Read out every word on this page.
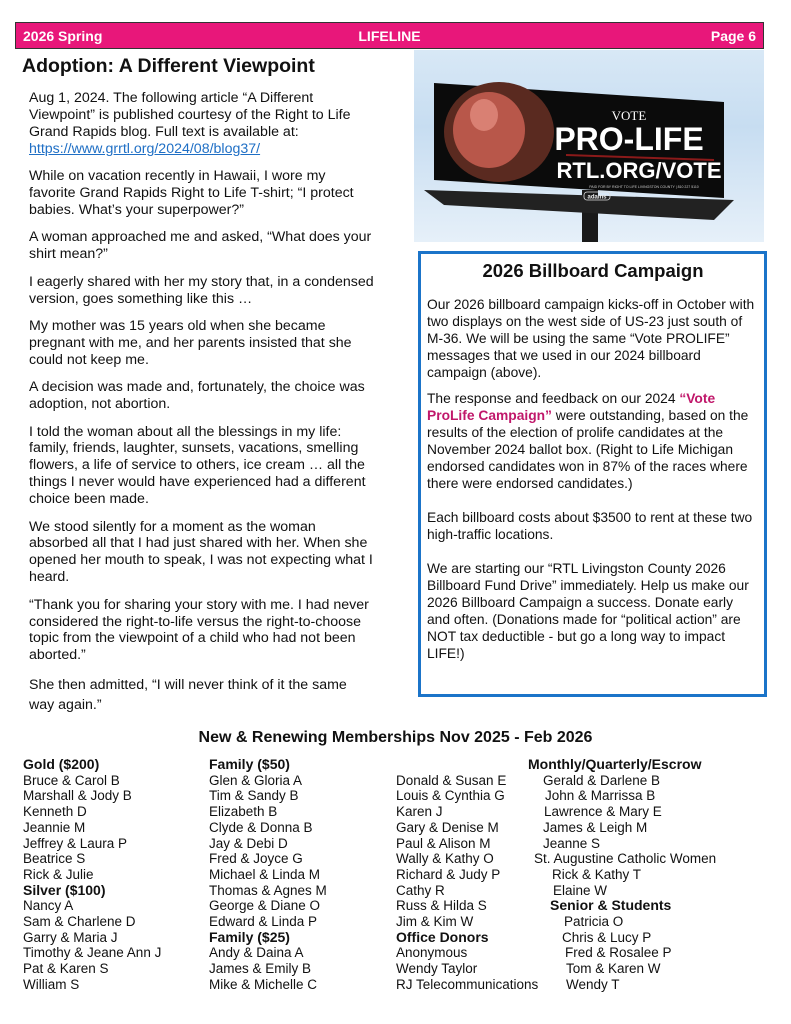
2026 Spring	LIFELINE	Page 6
Adoption: A Different Viewpoint

Aug 1, 2024. The following article “A Different Viewpoint” is published courtesy of the Right to Life Grand Rapids blog. Full text is available at:
https://www.grrtl.org/2024/08/blog37/

While on vacation recently in Hawaii, I wore my favorite Grand Rapids Right to Life T-shirt; “I protect babies. What’s your superpower?”

A woman approached me and asked, “What does your shirt mean?”

I eagerly shared with her my story that, in a condensed version, goes something like this …

My mother was 15 years old when she became pregnant with me, and her parents insisted that she could not keep me.

A decision was made and, fortunately, the choice was adoption, not abortion.

I told the woman about all the blessings in my life: family, friends, laughter, sunsets, vacations, smelling flowers, a life of service to others, ice cream … all the things I never would have experienced had a different choice been made.

We stood silently for a moment as the woman absorbed all that I had just shared with her. When she opened her mouth to speak, I was not expecting what I heard.

“Thank you for sharing your story with me. I had never considered the right-to-life versus the right-to-choose topic from the viewpoint of a child who had not been aborted.”

She then admitted, “I will never think of it the same way again.”

VOTE
PRO-LIFE
RTL.ORG/VOTE
PAID FOR BY RIGHT TO LIFE LIVINGSTON COUNTY | 810 227 5110
adams
2026 Billboard Campaign

Our 2026 billboard campaign kicks-off in October with two displays on the west side of US-23 just south of M-36. We will be using the same “Vote PROLIFE” messages that we used in our 2024 billboard campaign (above).

The response and feedback on our 2024 “Vote ProLife Campaign” were outstanding, based on the results of the election of prolife candidates at the November 2024 ballot box. (Right to Life Michigan endorsed candidates won in 87% of the races where there were endorsed candidates.)

Each billboard costs about $3500 to rent at these two high-traffic locations.

We are starting our “RTL Livingston County 2026 Billboard Fund Drive” immediately. Help us make our 2026 Billboard Campaign a success. Donate early and often. (Donations made for “political action” are NOT tax deductible - but go a long way to impact LIFE!)

New & Renewing Memberships Nov 2025 - Feb 2026
Gold ($200)
Bruce & Carol B
Marshall & Jody B
Kenneth D
Jeannie M
Jeffrey & Laura P
Beatrice S
Rick & Julie
Silver ($100)
Nancy A
Sam & Charlene D
Garry & Maria J
Timothy & Jeane Ann J
Pat & Karen S
William S
Family ($50)
Glen & Gloria A
Tim & Sandy B
Elizabeth B
Clyde & Donna B
Jay & Debi D
Fred & Joyce G
Michael & Linda M
Thomas & Agnes M
George & Diane O
Edward & Linda P
Family ($25)
Andy & Daina A
James & Emily B
Mike & Michelle C

Donald & Susan E
Louis & Cynthia G
Karen J
Gary & Denise M
Paul & Alison M
Wally & Kathy O
Richard & Judy P
Cathy R
Russ & Hilda S
Jim & Kim W
Office Donors
Anonymous
Wendy Taylor
RJ Telecommunications
Monthly/Quarterly/Escrow
Gerald & Darlene B
John & Marrissa B
Lawrence & Mary E
James & Leigh M
Jeanne S
St. Augustine Catholic Women
Rick & Kathy T
Elaine W
Senior & Students
Patricia O
Chris & Lucy P
Fred & Rosalee P
Tom & Karen W
Wendy T
